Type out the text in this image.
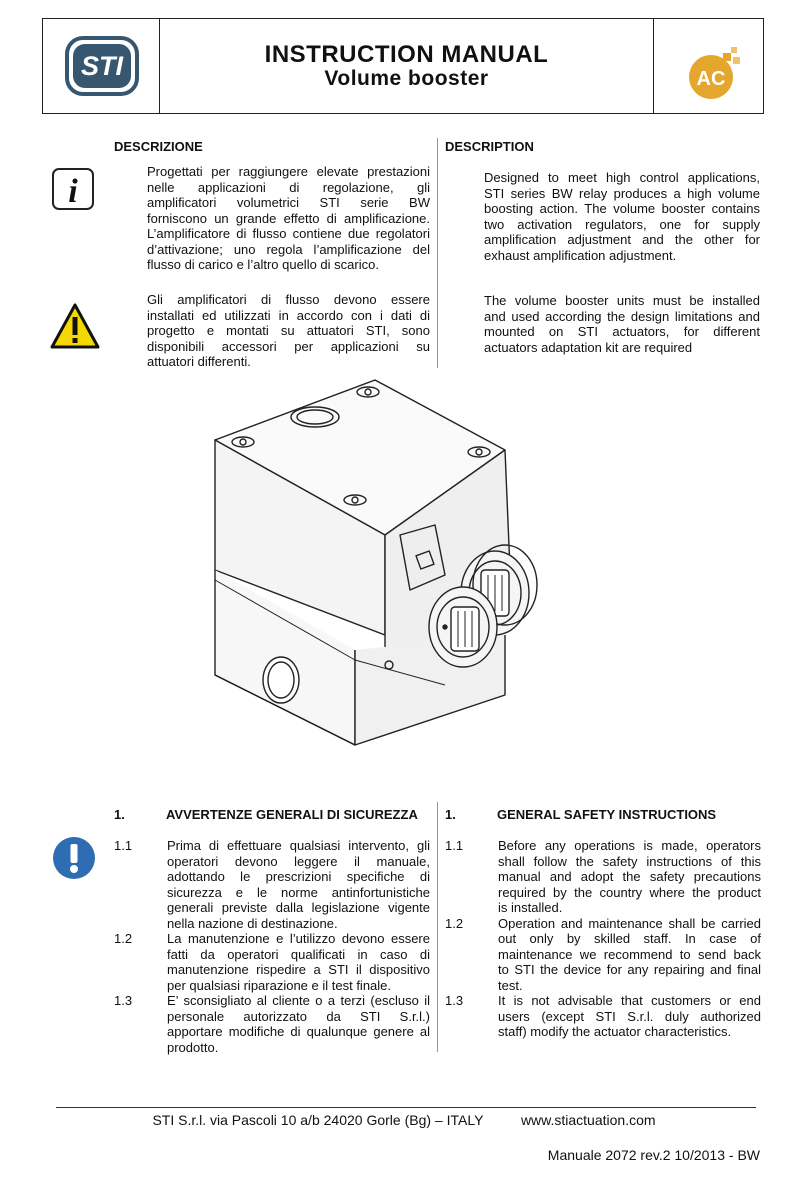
STI	INSTRUCTION MANUAL
Volume booster	AC
DESCRIZIONE	DESCRIPTION
i
Progettati per raggiungere elevate prestazioni
nelle applicazioni di regolazione, gli
amplificatori volumetrici STI serie BW
forniscono un grande effetto di amplificazione.
L’amplificatore di flusso contiene due regolatori
d’attivazione; uno regola l’amplificazione del
flusso di carico e l’altro quello di scarico.
Gli amplificatori di flusso devono essere
installati ed utilizzati in accordo con i dati di
progetto e montati su attuatori STI, sono
disponibili accessori per applicazioni su
attuatori differenti.
Designed to meet high control applications,
STI series BW relay produces a high volume
boosting action. The volume booster contains
two activation regulators, one for supply
amplification adjustment and the other for
exhaust amplification adjustment.
The volume booster units must be installed
and used according the design limitations and
mounted on STI actuators, for different
actuators adaptation kit are required
1.	AVVERTENZE GENERALI DI SICUREZZA 1.	GENERAL SAFETY INSTRUCTIONS
1.1	Prima di effettuare qualsiasi intervento, gli
operatori devono leggere il manuale,
adottando le prescrizioni specifiche di
sicurezza e le norme antinfortunistiche
generali previste dalla legislazione vigente
nella nazione di destinazione.
1.2	La manutenzione e l’utilizzo devono essere
fatti da operatori qualificati in caso di
manutenzione rispedire a STI il dispositivo
per qualsiasi riparazione e il test finale.
1.3	E’ sconsigliato al cliente o a terzi (escluso il
personale autorizzato da STI S.r.l.)
apportare modifiche di qualunque genere al
prodotto.
1.1	Before any operations is made, operators
shall follow the safety instructions of this
manual and adopt the safety precautions
required by the country where the product
is installed.
1.2	Operation and maintenance shall be carried
out only by skilled staff. In case of
maintenance we recommend to send back
to STI the device for any repairing and final
test.
1.3	It is not advisable that customers or end
users (except STI S.r.l. duly authorized
staff) modify the actuator characteristics.
STI S.r.l. via Pascoli 10 a/b 24020 Gorle (Bg) – ITALY	www.stiactuation.com
Manuale 2072 rev.2 10/2013 - BW
